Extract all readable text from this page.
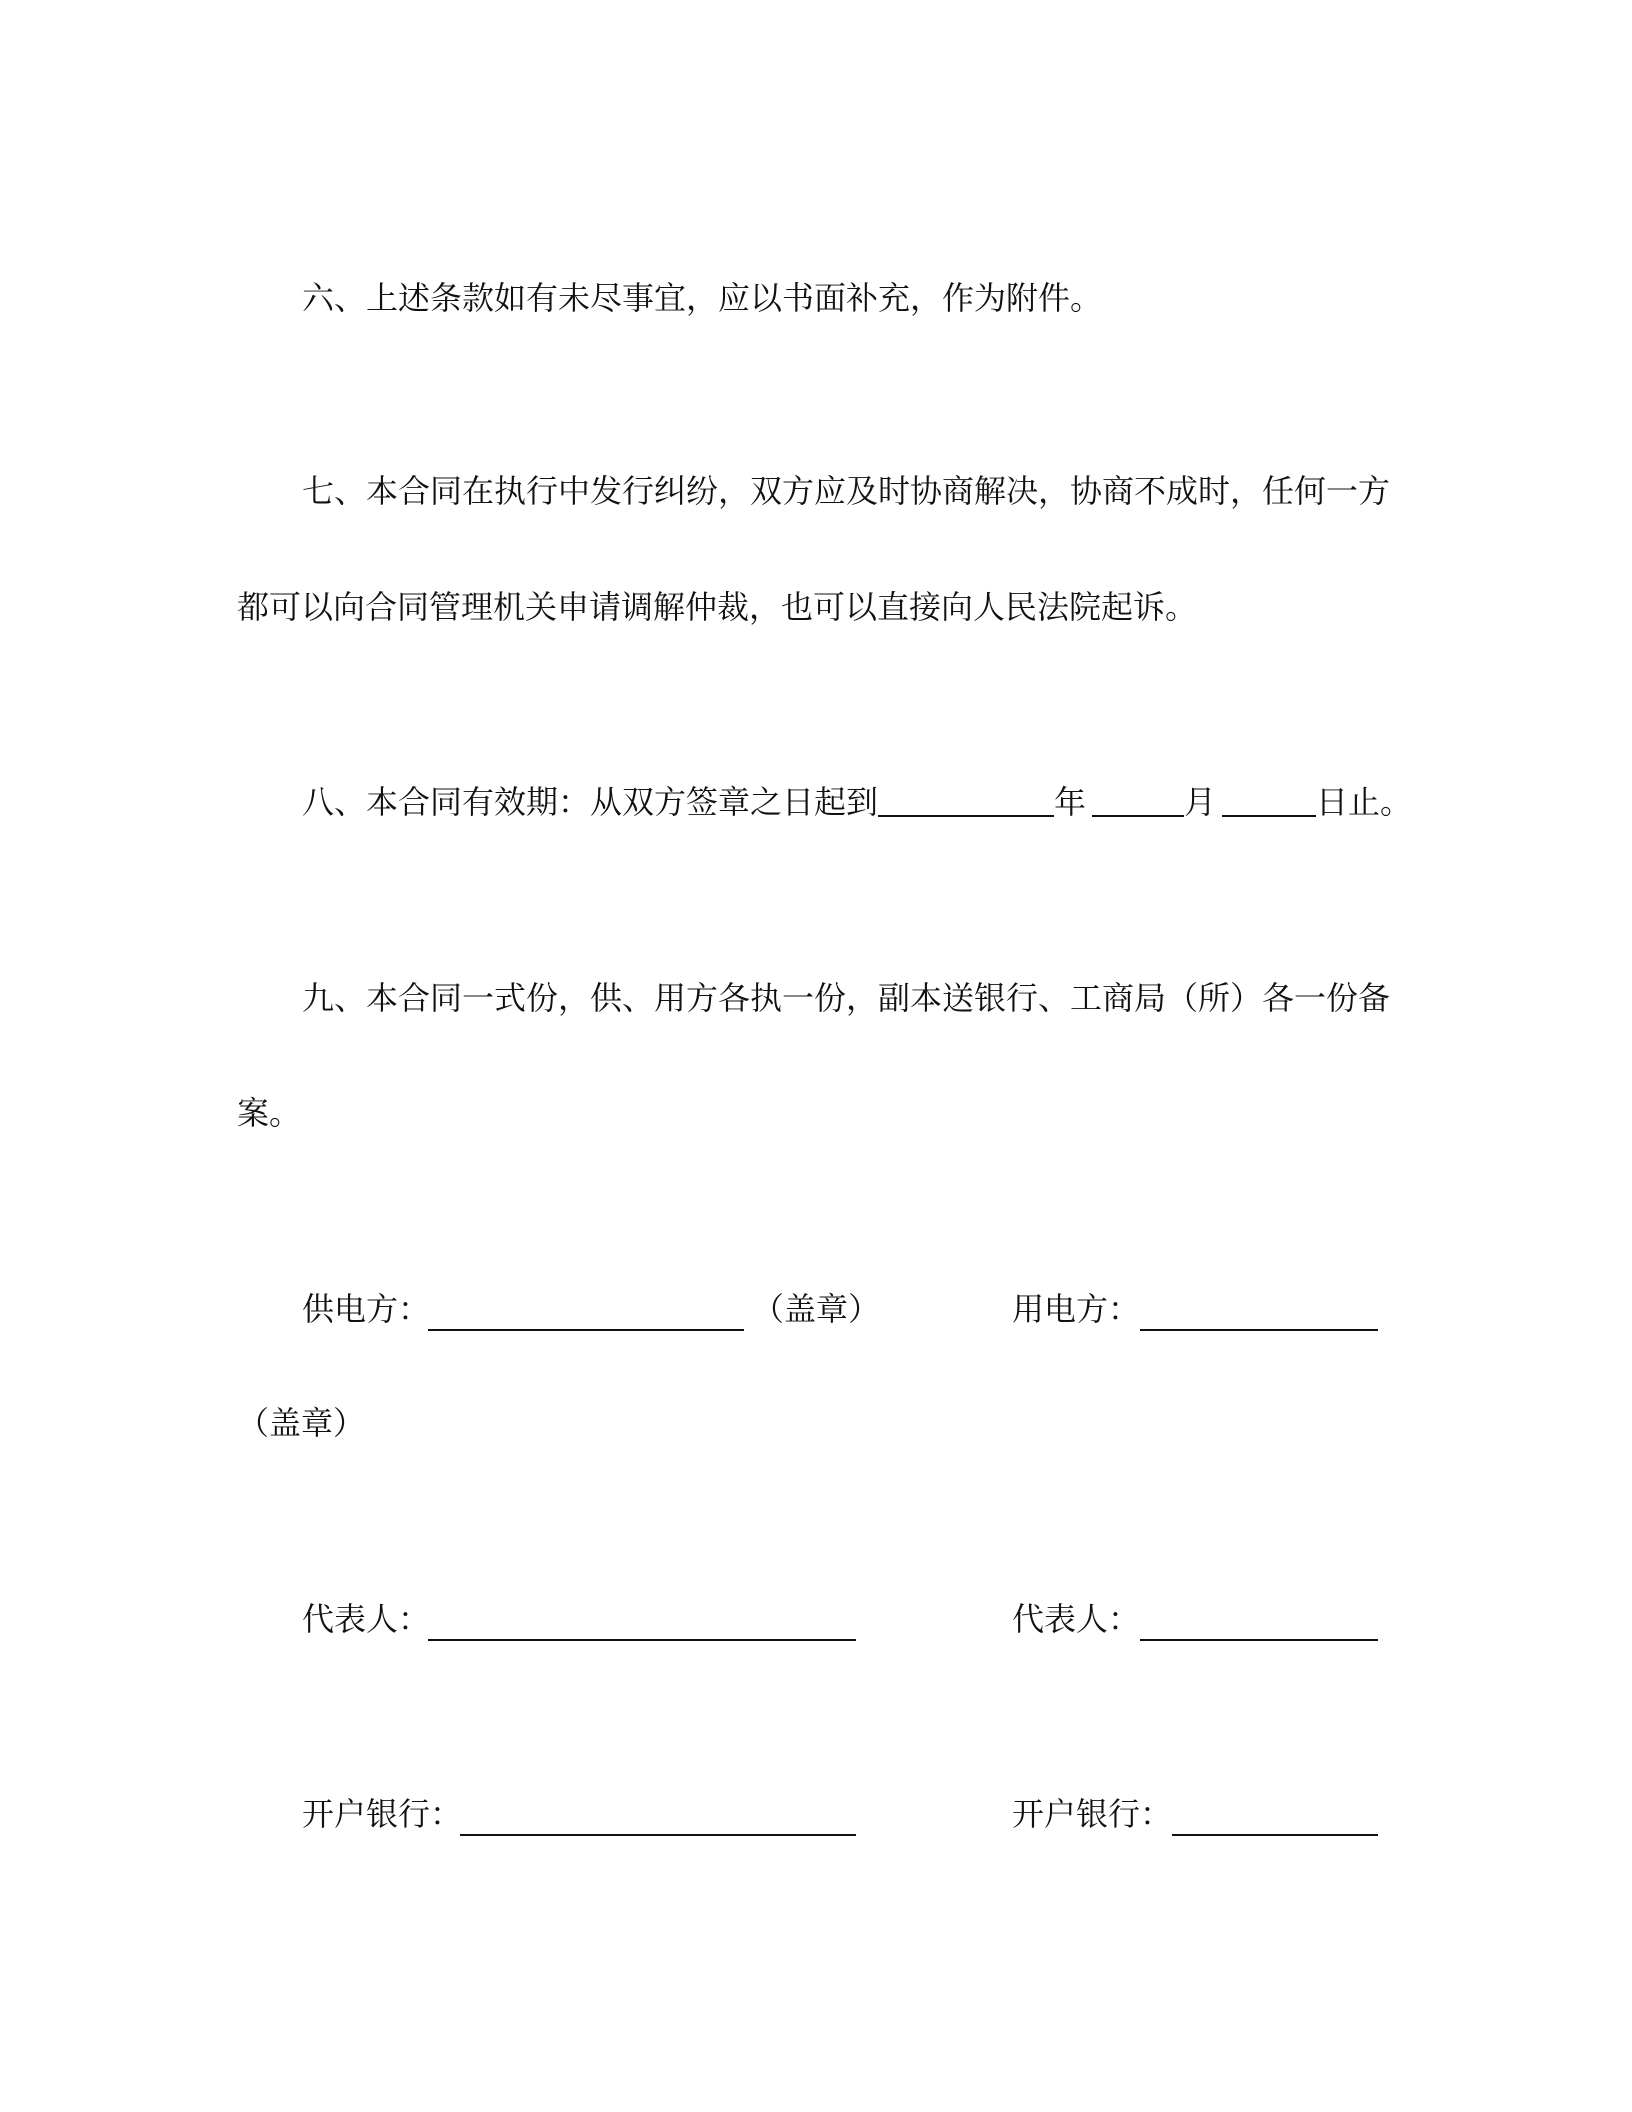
六、上述条款如有未尽事宜，应以书面补充，作为附件。
七、本合同在执行中发行纠纷，双方应及时协商解决，协商不成时，任何一方
都可以向合同管理机关申请调解仲裁，也可以直接向人民法院起诉。
八、本合同有效期：从双方签章之日起到	年	月	日止。
九、本合同一式份，供、用方各执一份，副本送银行、工商局（所）各一份备
案。
供电方：	（盖章）	用电方：
（盖章）
代表人：	代表人：
开户银行：	开户银行：
